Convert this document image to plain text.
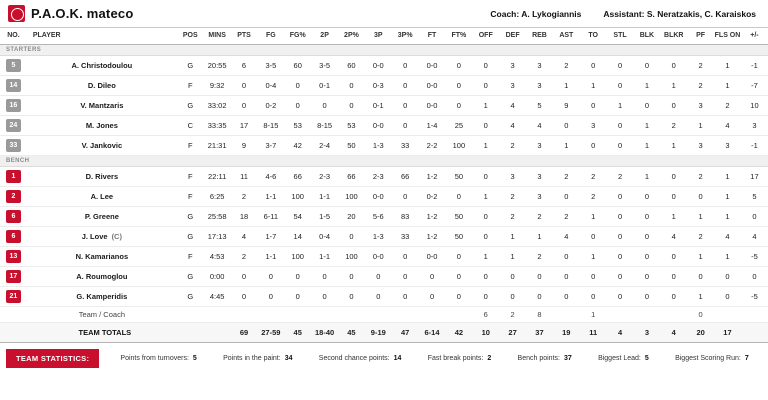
P.A.O.K. mateco	Coach: A. Lykogiannis	Assistant: S. Neratzakis, C. Karaiskos
NO.	PLAYER	POS	MINS	PTS	FG	FG%	2P	2P%	3P	3P%	FT	FT%	OFF	DEF	REB	AST	TO	STL	BLK	BLKR	PF	FLS ON	+/-
STARTERS																							
5	A. Christodoulou	G	20:55	6	3-5	60	3-5	60	0-0	0	0-0	0	0	3	3	2	0	0	0	0	2	1	-1
14	D. Dileo	F	9:32	0	0-4	0	0-1	0	0-3	0	0-0	0	0	3	3	1	1	0	1	1	2	1	-7
16	V. Mantzaris	G	33:02	0	0-2	0	0	0	0-1	0	0-0	0	1	4	5	9	0	1	0	0	3	2	10
24	M. Jones	C	33:35	17	8-15	53	8-15	53	0-0	0	1-4	25	0	4	4	0	3	0	1	2	1	4	3
33	V. Jankovic	F	21:31	9	3-7	42	2-4	50	1-3	33	2-2	100	1	2	3	1	0	0	1	1	3	3	-1
BENCH																							
1	D. Rivers	F	22:11	11	4-6	66	2-3	66	2-3	66	1-2	50	0	3	3	2	2	2	1	0	2	1	17
2	A. Lee	F	6:25	2	1-1	100	1-1	100	0-0	0	0-2	0	1	2	3	0	2	0	0	0	0	1	5
6	P. Greene	G	25:58	18	6-11	54	1-5	20	5-6	83	1-2	50	0	2	2	2	1	0	0	1	1	1	0
6	J. Love (C)	G	17:13	4	1-7	14	0-4	0	1-3	33	1-2	50	0	1	1	4	0	0	0	4	2	4	4
13	N. Kamarianos	F	4:53	2	1-1	100	1-1	100	0-0	0	0-0	0	1	1	2	0	1	0	0	0	1	1	-5
17	A. Roumoglou	G	0:00	0	0	0	0	0	0	0	0	0	0	0	0	0	0	0	0	0	0	0	0
21	G. Kamperidis	G	4:45	0	0	0	0	0	0	0	0	0	0	0	0	0	0	0	0	0	1	0	-5
	Team / Coach												6	2	8		1				0		
	TEAM TOTALS			69	27-59	45	18-40	45	9-19	47	6-14	42	10	27	37	19	11	4	3	4	20	17	
TEAM STATISTICS:	Points from turnovers: 5	Points in the paint: 34	Second chance points: 14	Fast break points: 2	Bench points: 37	Biggest Lead: 5	Biggest Scoring Run: 7
